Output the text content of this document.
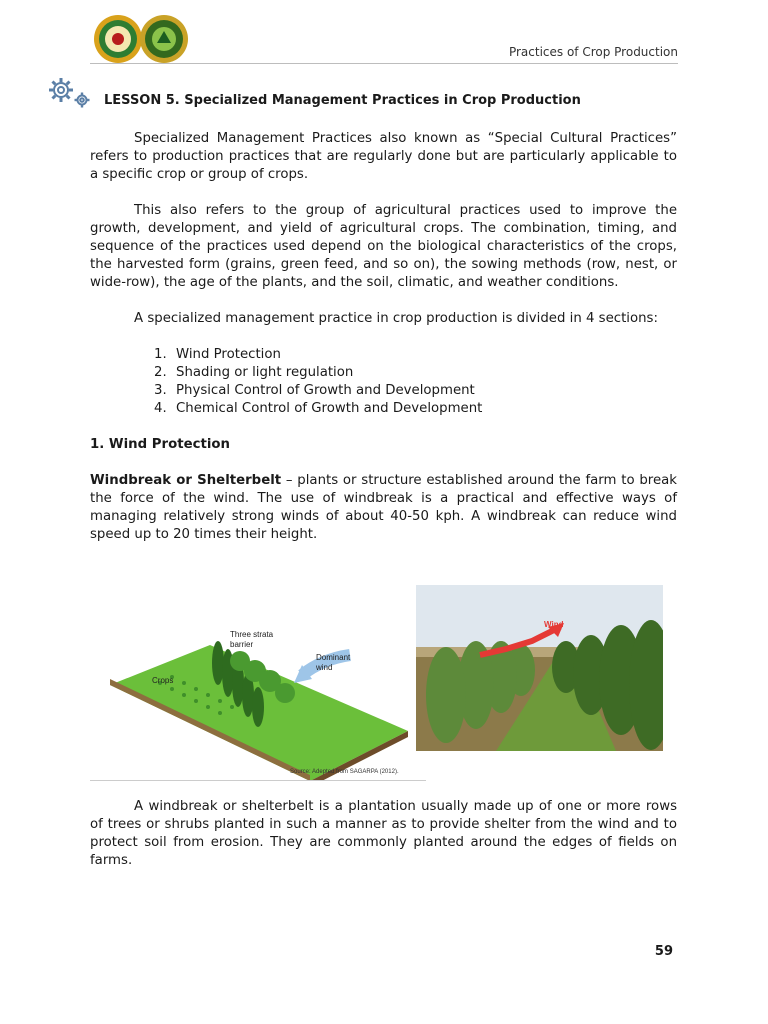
Practices of Crop Production
LESSON 5. Specialized Management Practices in Crop Production

Specialized Management Practices also known as “Special Cultural Practices” refers to production practices that are regularly done but are particularly applicable to a specific crop or group of crops.

This also refers to the group of agricultural practices used to improve the growth, development, and yield of agricultural crops. The combination, timing, and sequence of the practices used depend on the biological characteristics of the crops, the harvested form (grains, green feed, and so on), the sowing methods (row, nest, or wide-row), the age of the plants, and the soil, climatic, and weather conditions.

A specialized management practice in crop production is divided in 4 sections:

1. Wind Protection
2. Shading or light regulation
3. Physical Control of Growth and Development
4. Chemical Control of Growth and Development

1. Wind Protection

Windbreak or Shelterbelt – plants or structure established around the farm to break the force of the wind. The use of windbreak is a practical and effective ways of managing relatively strong winds of about 40-50 kph. A windbreak can reduce wind speed up to 20 times their height.

Three strata
barrier
Dominant
wind
Crops
Source: Adepted from SAGARPA (2012).
Wind

A windbreak or shelterbelt is a plantation usually made up of one or more rows of trees or shrubs planted in such a manner as to provide shelter from the wind and to protect soil from erosion. They are commonly planted around the edges of fields on farms.

59
